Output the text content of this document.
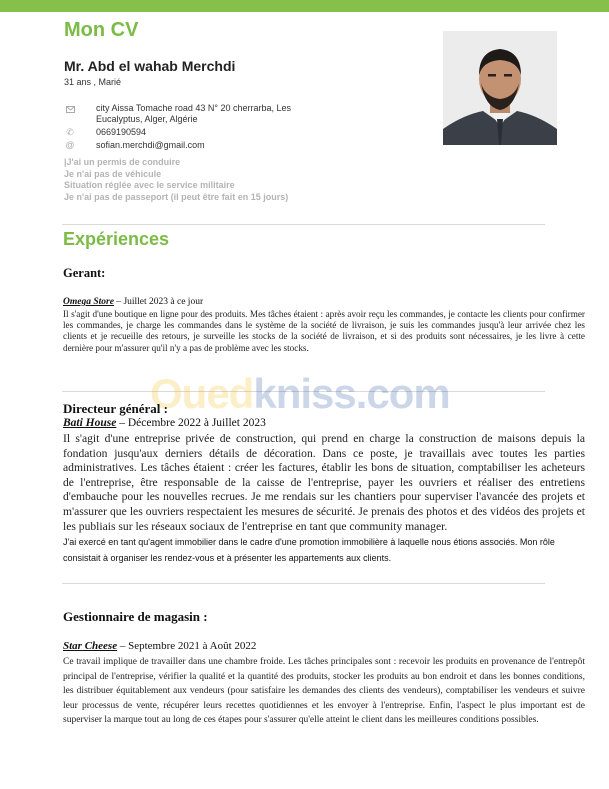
Mon CV
Mr. Abd el wahab Merchdi
31 ans , Marié
city Aissa Tomache road 43 N° 20 cherrarba, Les
Eucalyptus, Alger, Algérie
✆ 0669190594
@ sofian.merchdi@gmail.com
|J'ai un permis de conduire
Je n'ai pas de véhicule
Situation réglée avec le service militaire
Je n'ai pas de passeport (il peut être fait en 15 jours)
Expériences
Gerant:
Omega Store – Juillet 2023 à ce jour
Il s'agit d'une boutique en ligne pour des produits. Mes tâches étaient : après avoir reçu les commandes, je contacte les clients pour confirmer les commandes, je charge les commandes dans le système de la société de livraison, je suis les commandes jusqu'à leur arrivée chez les clients et je recueille des retours, je surveille les stocks de la société de livraison, et si des produits sont nécessaires, je les livre à cette dernière pour m'assurer qu'il n'y a pas de problème avec les stocks.
Ouedkniss.com
Directeur général :
Bati House – Décembre 2022 à Juillet 2023
Il s'agit d'une entreprise privée de construction, qui prend en charge la construction de maisons depuis la fondation jusqu'aux derniers détails de décoration. Dans ce poste, je travaillais avec toutes les parties administratives. Les tâches étaient : créer les factures, établir les bons de situation, comptabiliser les acheteurs de l'entreprise, être responsable de la caisse de l'entreprise, payer les ouvriers et réaliser des entretiens d'embauche pour les nouvelles recrues. Je me rendais sur les chantiers pour superviser l'avancée des projets et m'assurer que les ouvriers respectaient les mesures de sécurité. Je prenais des photos et des vidéos des projets et les publiais sur les réseaux sociaux de l'entreprise en tant que community manager.
J'ai exercé en tant qu'agent immobilier dans le cadre d'une promotion immobilière à laquelle nous étions associés. Mon rôle consistait à organiser les rendez-vous et à présenter les appartements aux clients.
Gestionnaire de magasin :
Star Cheese – Septembre 2021 à Août 2022
Ce travail implique de travailler dans une chambre froide. Les tâches principales sont : recevoir les produits en provenance de l'entrepôt principal de l'entreprise, vérifier la qualité et la quantité des produits, stocker les produits au bon endroit et dans les bonnes conditions, les distribuer équitablement aux vendeurs (pour satisfaire les demandes des clients des vendeurs), comptabiliser les vendeurs et suivre leur processus de vente, récupérer leurs recettes quotidiennes et les envoyer à l'entreprise. Enfin, l'aspect le plus important est de superviser la marque tout au long de ces étapes pour s'assurer qu'elle atteint le client dans les meilleures conditions possibles.
